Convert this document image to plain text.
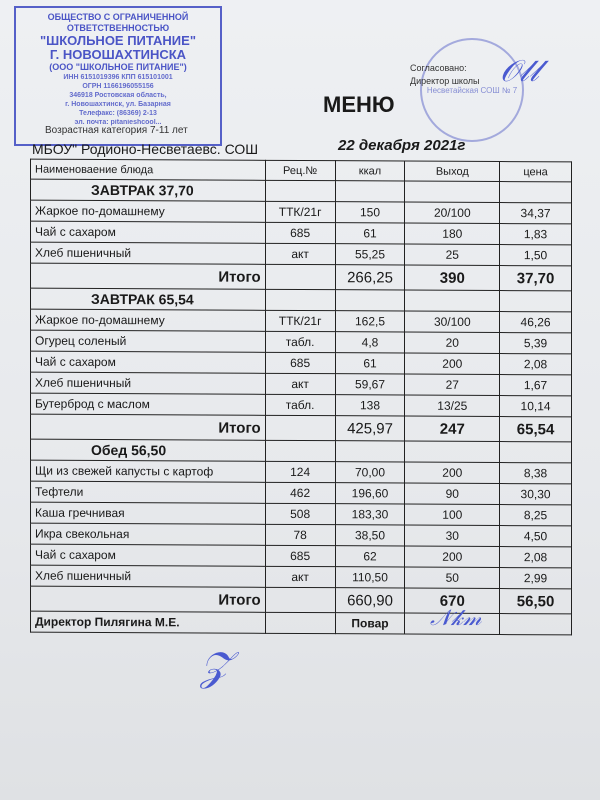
ОБЩЕСТВО С ОГРАНИЧЕННОЙ
ОТВЕТСТВЕННОСТЬЮ
"ШКОЛЬНОЕ ПИТАНИЕ"
Г. НОВОШАХТИНСКА
(ООО "ШКОЛЬНОЕ ПИТАНИЕ")
ИНН 6151019396 КПП 615101001
ОГРН 1166196055156
346918 Ростовская область,
г. Новошахтинск, ул. Базарная
Телефакс: (86369) 2-13
эл. почта: pitanieshcool...
Возрастная категория 7-11 лет
МБОУ" Родионо-Несветаевс. СОШ
Несветайская СОШ № 7
Согласовано:
Директор школы 𝒪𝓁𝓁
МЕНЮ
22 декабря 2021г
Наименоваение блюда	Рец.№	ккал	Выход	цена
ЗАВТРАК 37,70				
Жаркое по-домашнему	ТТК/21г	150	20/100	34,37
Чай с сахаром	685	61	180	1,83
Хлеб пшеничный	акт	55,25	25	1,50
Итого		266,25	390	37,70
ЗАВТРАК 65,54				
Жаркое по-домашнему	ТТК/21г	162,5	30/100	46,26
Огурец соленый	табл.	4,8	20	5,39
Чай с сахаром	685	61	200	2,08
Хлеб пшеничный	акт	59,67	27	1,67
Бутерброд с маслом	табл.	138	13/25	10,14
Итого		425,97	247	65,54
Обед 56,50				
Щи из свежей капусты с картоф	124	70,00	200	8,38
Тефтели	462	196,60	90	30,30
Каша гречнивая	508	183,30	100	8,25
Икра свекольная	78	38,50	30	4,50
Чай с сахаром	685	62	200	2,08
Хлеб пшеничный	акт	110,50	50	2,99
Итого		660,90	670	56,50
Директор Пилягина М.Е.		Повар		𝒩𝓀𝓂
𝒵
